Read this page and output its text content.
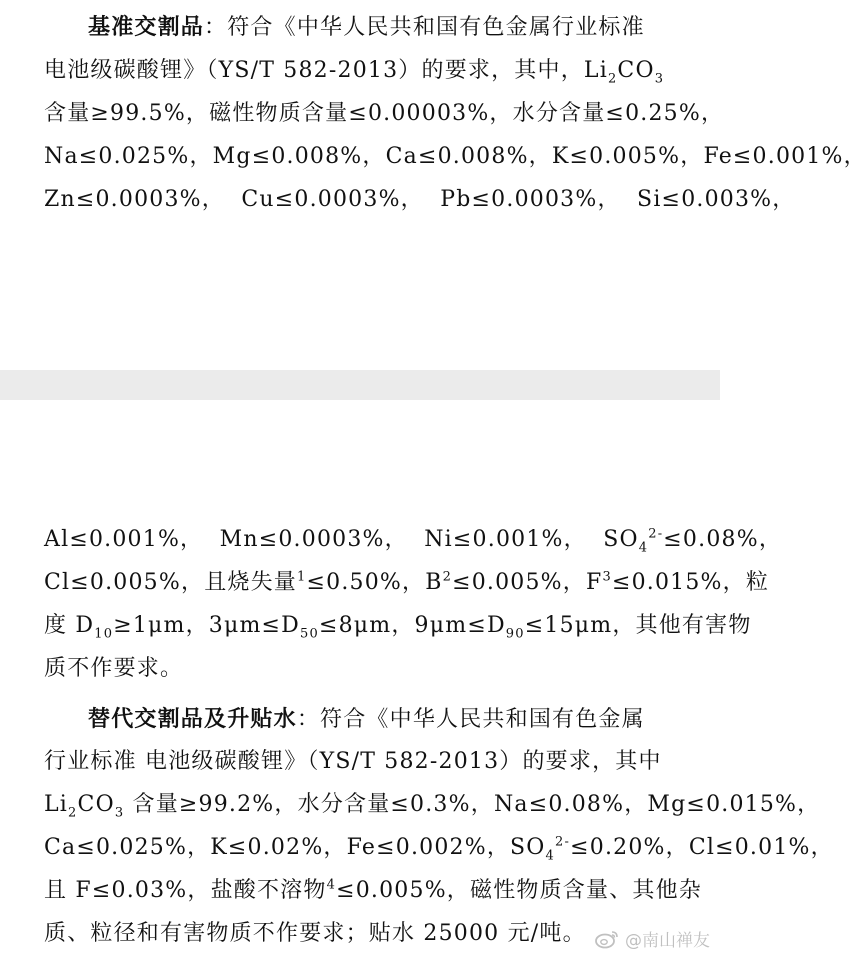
基准交割品：符合《中华人民共和国有色金属行业标准
电池级碳酸锂》（YS/T 582-2013）的要求，其中，$Li_2CO_3$
含量≥99.5%，磁性物质含量≤0.00003%，水分含量≤0.25%，
Na≤0.025%，Mg≤0.008%，Ca≤0.008%，K≤0.005%，Fe≤0.001%，
Zn≤0.0003%，  Cu≤0.0003%，  Pb≤0.0003%，  Si≤0.003%，
Al≤0.001%，  Mn≤0.0003%，  Ni≤0.001%，  $SO_4^{2-}\le 0.08\%$，
Cl≤0.005%，且烧失量$^1$≤0.50%，$B^2\le 0.005\%$，$F^3\le 0.015\%$，粒
度 $D_{10}\ge 1\mu m$，$3\mu m\le D_{50}\le 8\mu m$，$9\mu m\le D_{90}\le 15\mu m$，其他有害物
质不作要求。
替代交割品及升贴水：符合《中华人民共和国有色金属
行业标准 电池级碳酸锂》（YS/T 582-2013）的要求，其中
$Li_2CO_3$ 含量≥99.2%，水分含量≤0.3%，Na≤0.08%，Mg≤0.015%，
Ca≤0.025%，K≤0.02%，Fe≤0.002%，$SO_4^{2-}\le 0.20\%$，Cl≤0.01%，
且 F≤0.03%，盐酸不溶物$^4$≤0.005%，磁性物质含量、其他杂
质、粒径和有害物质不作要求；贴水 25000 元/吨。 @南山禅友
